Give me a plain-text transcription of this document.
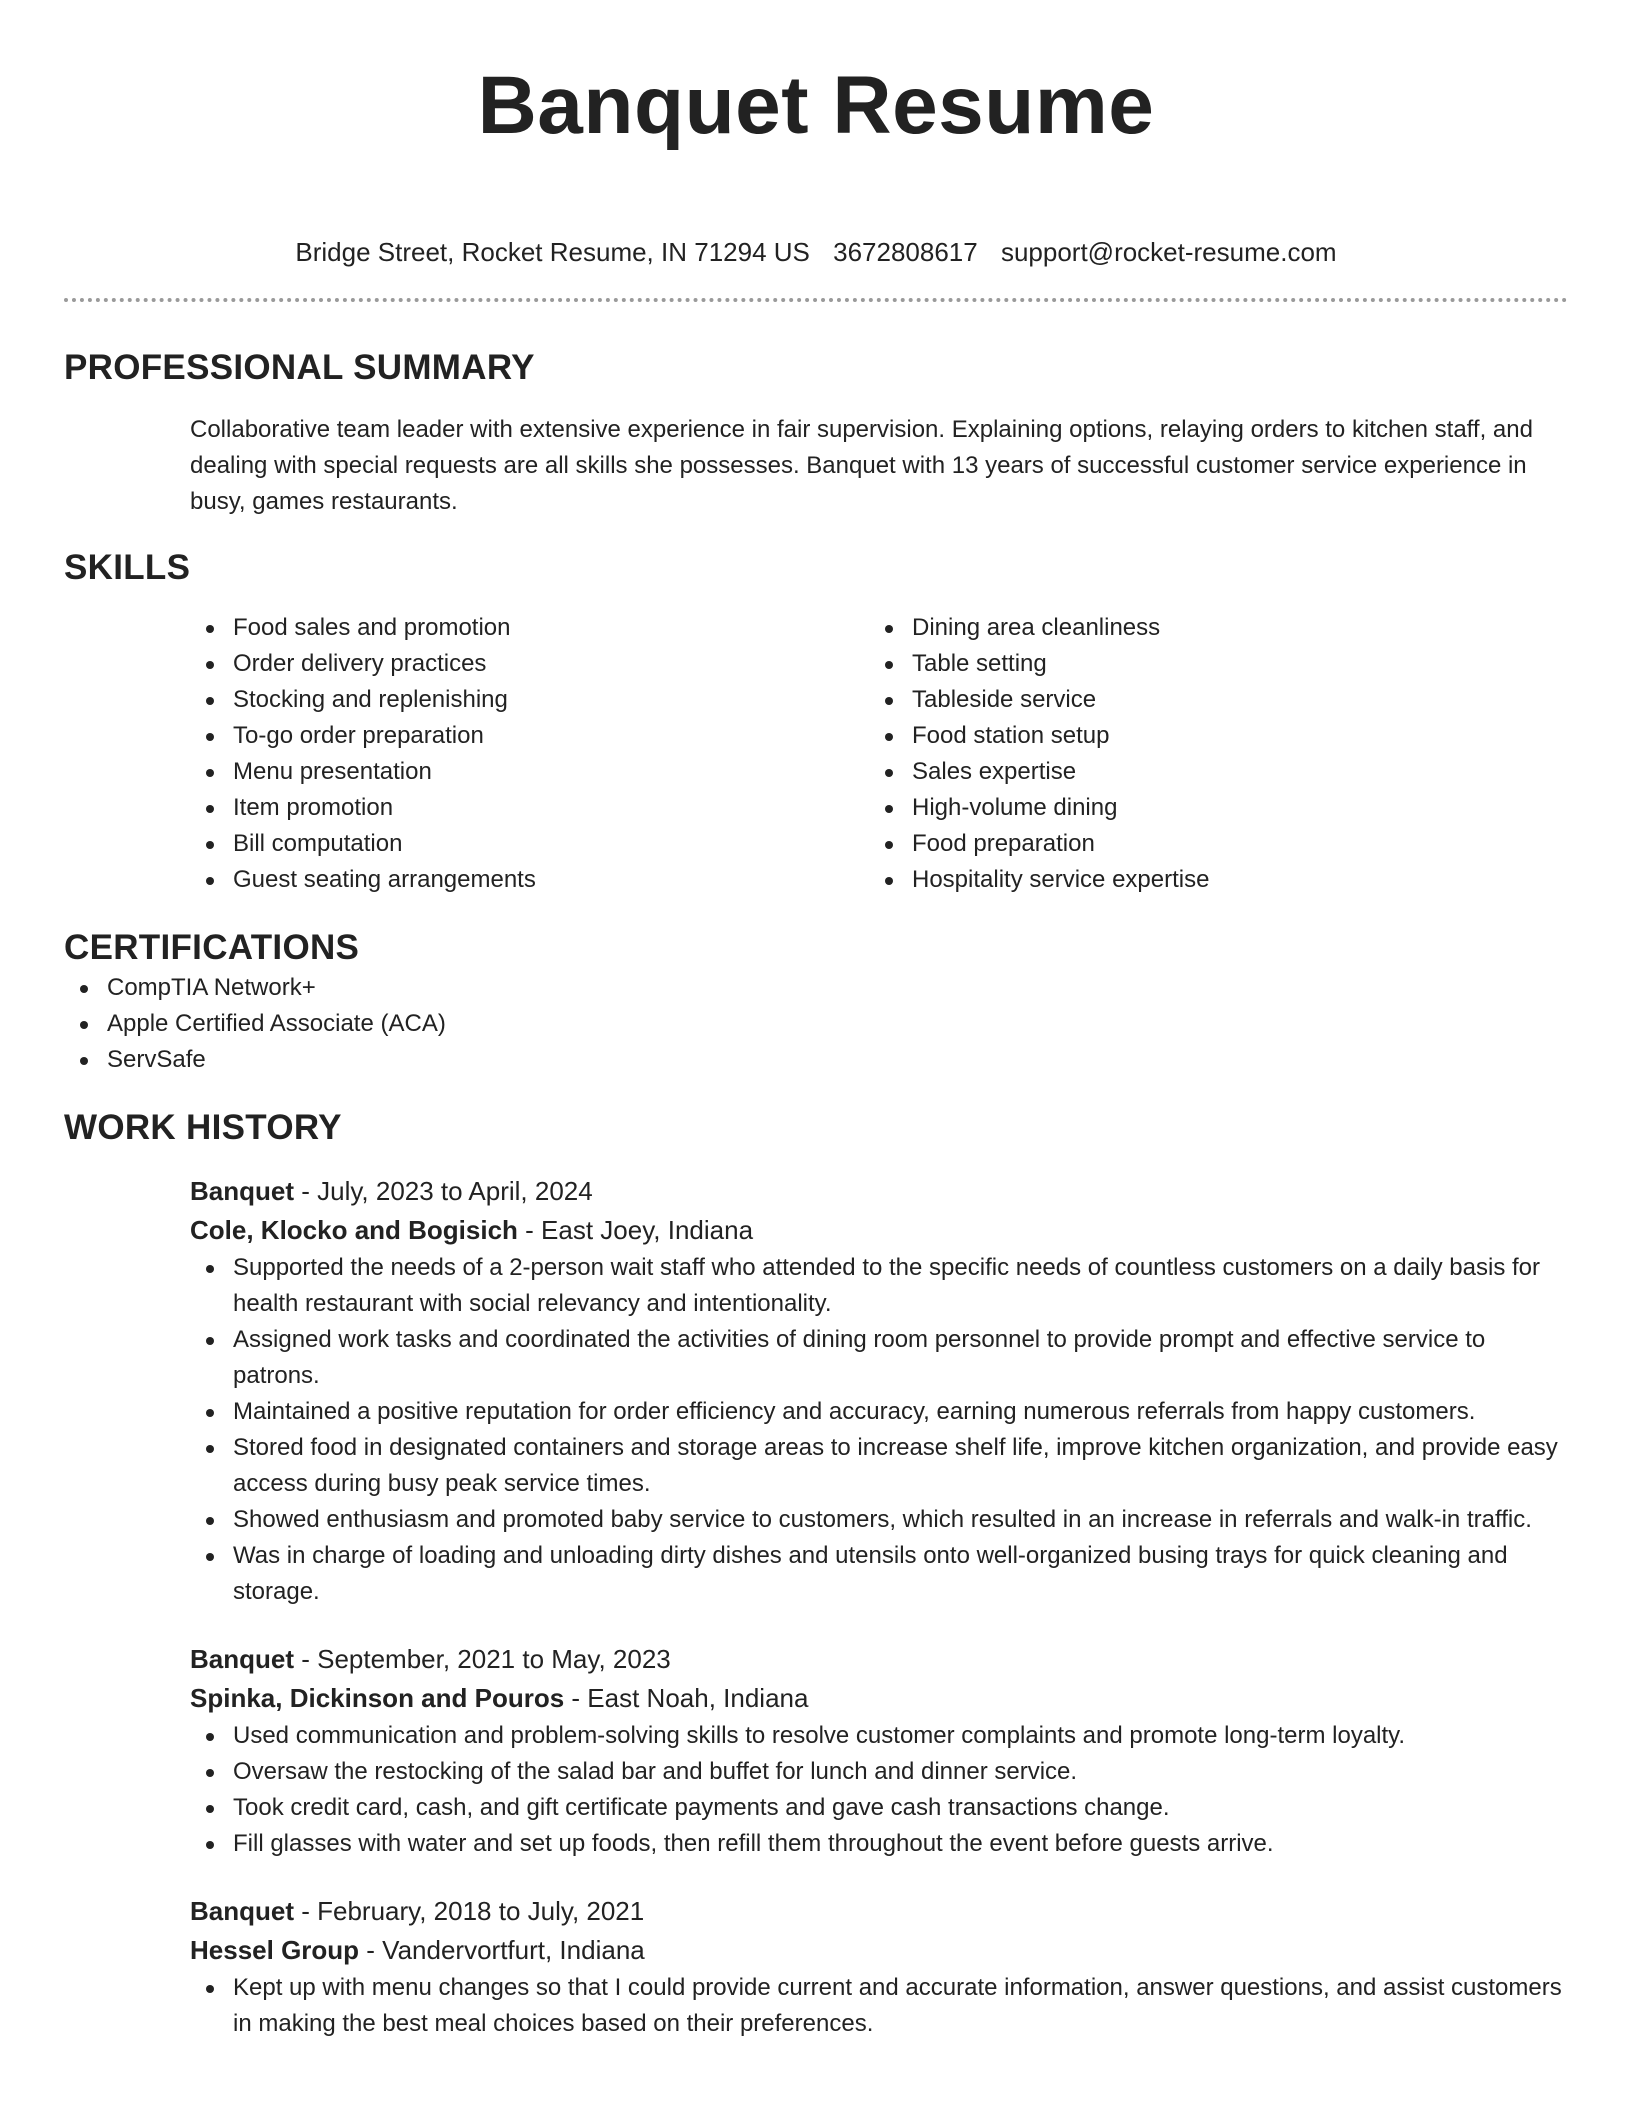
Banquet Resume
Bridge Street, Rocket Resume, IN 71294 US 3672808617 support@rocket-resume.com
PROFESSIONAL SUMMARY

Collaborative team leader with extensive experience in fair supervision. Explaining options, relaying orders to kitchen staff, and dealing with special requests are all skills she possesses. Banquet with 13 years of successful customer service experience in busy, games restaurants.

SKILLS
Food sales and promotion
Order delivery practices
Stocking and replenishing
To-go order preparation
Menu presentation
Item promotion
Bill computation
Guest seating arrangements
Dining area cleanliness
Table setting
Tableside service
Food station setup
Sales expertise
High-volume dining
Food preparation
Hospitality service expertise
CERTIFICATIONS
CompTIA Network+
Apple Certified Associate (ACA)
ServSafe
WORK HISTORY
Banquet - July, 2023 to April, 2024
Cole, Klocko and Bogisich - East Joey, Indiana
Supported the needs of a 2-person wait staff who attended to the specific needs of countless customers on a daily basis for health restaurant with social relevancy and intentionality.
Assigned work tasks and coordinated the activities of dining room personnel to provide prompt and effective service to patrons.
Maintained a positive reputation for order efficiency and accuracy, earning numerous referrals from happy customers.
Stored food in designated containers and storage areas to increase shelf life, improve kitchen organization, and provide easy access during busy peak service times.
Showed enthusiasm and promoted baby service to customers, which resulted in an increase in referrals and walk-in traffic.
Was in charge of loading and unloading dirty dishes and utensils onto well-organized busing trays for quick cleaning and storage.
Banquet - September, 2021 to May, 2023
Spinka, Dickinson and Pouros - East Noah, Indiana
Used communication and problem-solving skills to resolve customer complaints and promote long-term loyalty.
Oversaw the restocking of the salad bar and buffet for lunch and dinner service.
Took credit card, cash, and gift certificate payments and gave cash transactions change.
Fill glasses with water and set up foods, then refill them throughout the event before guests arrive.
Banquet - February, 2018 to July, 2021
Hessel Group - Vandervortfurt, Indiana
Kept up with menu changes so that I could provide current and accurate information, answer questions, and assist customers in making the best meal choices based on their preferences.
